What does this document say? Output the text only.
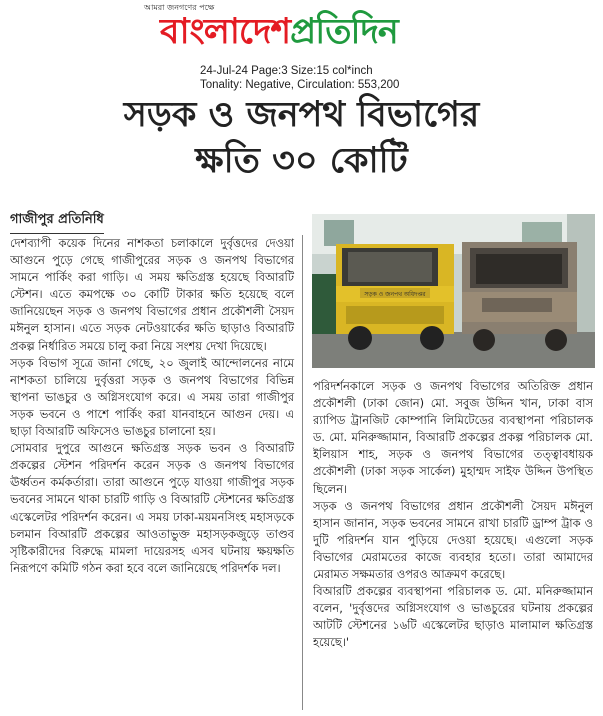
আমরা জনগণের পক্ষে
বাংলাদেশপ্রতিদিন
24-Jul-24 Page:3 Size:15 col*inch
Tonality: Negative, Circulation: 553,200
সড়ক ও জনপথ বিভাগের
ক্ষতি ৩০ কোটি
গাজীপুর প্রতিনিধি

দেশব্যাপী কয়েক দিনের নাশকতা চলাকালে দুর্বৃত্তদের দেওয়া আগুনে পুড়ে গেছে গাজীপুরের সড়ক ও জনপথ বিভাগের সামনে পার্কিং করা গাড়ি। এ সময় ক্ষতিগ্রস্ত হয়েছে বিআরটি স্টেশন। এতে কমপক্ষে ৩০ কোটি টাকার ক্ষতি হয়েছে বলে জানিয়েছেন সড়ক ও জনপথ বিভাগের প্রধান প্রকৌশলী সৈয়দ মঈনুল হাসান। এতে সড়ক নেটওয়ার্কের ক্ষতি ছাড়াও বিআরটি প্রকল্প নির্ধারিত সময়ে চালু করা নিয়ে সংশয় দেখা দিয়েছে।

সড়ক বিভাগ সূত্রে জানা গেছে, ২০ জুলাই আন্দোলনের নামে নাশকতা চালিয়ে দুর্বৃত্তরা সড়ক ও জনপথ বিভাগের বিভিন্ন স্থাপনা ভাঙচুর ও অগ্নিসংযোগ করে। এ সময় তারা গাজীপুর সড়ক ভবনে ও পাশে পার্কিং করা যানবাহনে আগুন দেয়। এ ছাড়া বিআরটি অফিসেও ভাঙচুর চালানো হয়।

সোমবার দুপুরে আগুনে ক্ষতিগ্রস্ত সড়ক ভবন ও বিআরটি প্রকল্পের স্টেশন পরিদর্শন করেন সড়ক ও জনপথ বিভাগের ঊর্ধ্বতন কর্মকর্তারা। তারা আগুনে পুড়ে যাওয়া গাজীপুর সড়ক ভবনের সামনে থাকা চারটি গাড়ি ও বিআরটি স্টেশনের ক্ষতিগ্রস্ত এস্কেলেটর পরিদর্শন করেন। এ সময় ঢাকা-ময়মনসিংহ মহাসড়কে চলমান বিআরটি প্রকল্পের আওতাভুক্ত মহাসড়কজুড়ে তাণ্ডব সৃষ্টিকারীদের বিরুদ্ধে মামলা দায়েরসহ এসব ঘটনায় ক্ষয়ক্ষতি নিরূপণে কমিটি গঠন করা হবে বলে জানিয়েছে পরিদর্শক দল।

সড়ক ও জনপথ অধিদপ্তর

পরিদর্শনকালে সড়ক ও জনপথ বিভাগের অতিরিক্ত প্রধান প্রকৌশলী (ঢাকা জোন) মো. সবুজ উদ্দিন খান, ঢাকা বাস র‌্যাপিড ট্রানজিট কোম্পানি লিমিটেডের ব্যবস্থাপনা পরিচালক ড. মো. মনিরুজ্জামান, বিআরটি প্রকল্পের প্রকল্প পরিচালক মো. ইলিয়াস শাহ, সড়ক ও জনপথ বিভাগের তত্ত্বাবধায়ক প্রকৌশলী (ঢাকা সড়ক সার্কেল) মুহাম্মদ সাইফ উদ্দিন উপস্থিত ছিলেন।

সড়ক ও জনপথ বিভাগের প্রধান প্রকৌশলী সৈয়দ মঈনুল হাসান জানান, সড়ক ভবনের সামনে রাখা চারটি ড্রাম্প ট্রাক ও দুটি পরিদর্শন যান পুড়িয়ে দেওয়া হয়েছে। এগুলো সড়ক বিভাগের মেরামতের কাজে ব্যবহার হতো। তারা আমাদের মেরামত সক্ষমতার ওপরও আক্রমণ করেছে।

বিআরটি প্রকল্পের ব্যবস্থাপনা পরিচালক ড. মো. মনিরুজ্জামান বলেন, 'দুর্বৃত্তদের অগ্নিসংযোগ ও ভাঙচুরের ঘটনায় প্রকল্পের আটটি স্টেশনের ১৬টি এস্কেলেটর ছাড়াও মালামাল ক্ষতিগ্রস্ত হয়েছে।'
